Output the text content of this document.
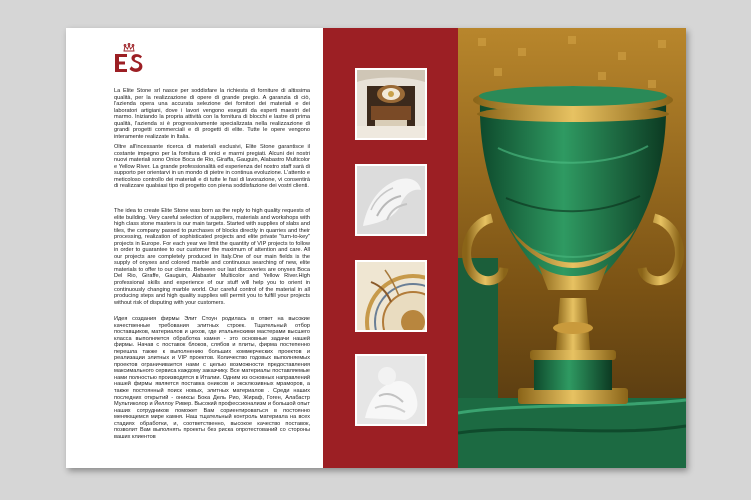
La Elite Stone srl nasce per soddisfare la richiesta di forniture di altissima qualità, per la realizzazione di opere di grande pregio. A garanzia di ciò, l'azienda opera una accurata selezione dei fornitori dei materiali e dei laboratori artigiani, dove i lavori vengono eseguiti da esperti maestri del marmo. Iniziando la propria attività con la fornitura di blocchi e lastre di prima qualità, l'azienda si è progressivamente specializzata nella realizzazione di grandi progetti commerciali e di progetti di elite. Tutte le opere vengono interamente realizzate in Italia.

Oltre all'incessante ricerca di materiali esclusivi, Elite Stone garantisce il costante impegno per la fornitura di onici e marmi pregiati. Alcuni dei nostri nuovi materiali sono Onice Boca de Rio, Giraffa, Gauguin, Alabastro Multicolor e Yellow River. La grande professionalità ed esperienza del nostro staff sarà di supporto per orientarvi in un mondo di pietre in continua evoluzione. L'attento e meticoloso controllo dei materiali e di tutte le fasi di lavorazione, vi consentirà di realizzare qualsiasi tipo di progetto con piena soddisfazione dei vostri clienti.

The idea to create Elite Stone was born as the reply to high quality requests of elite building. Very careful selection of suppliers, materials and workshops with high class stone masters is our main targets. Started with supplies of slabs and tiles, the company passed to purchases of blocks directly in quarries and their processing, realization of sophisticated projects and elite private "turn-to-key" projects in Europe. For each year we limit the quantity of VIP projects to follow in order to guarantee to our customer the maximum of attention and care. All our projects are completely produced in Italy.One of our main fields is the supply of onyxes and colored marble and continuous searching of new, elite materials to offer to our clients. Between our last discoveries are onyxes Boca Del Rio, Giraffe, Gauguin, Alabaster Multicolor and Yellow River.High professional skills and experience of our stuff will help you to orient in continuously changing marble world. Our careful control of the material in all producing steps and high quality supplies will permit you to fulfill your projects without risk of disputing with your customers.

Идея создания фирмы Элит Стоун родилась в ответ на высокие качественные требования элитных строек. Тщательный отбор поставщиков, материалов и цехов, где итальянскими мастерами высшего класса выполняется обработка камня - это основные задачи нашей фирмы. Начав с поставок блоков, слябов и плиты, фирма постепенно перешла также к выполнению больших коммерческих проектов и реализации элитных и VIP проектов. Количество годовых выполняемых проектов ограничивается нами с целью возможности предоставления максимального сервиса каждому заказчику. Все материалы поставляемые нами полностью производятся в Италии. Одним из основных направлений нашей фирмы является поставка ониксов и эксклюзивных мраморов, а также постоянный поиск новых, элитных материалов . Среди наших последних открытий - ониксы Бока Дель Рио, Жираф, Гоген, Алабастр Мультиколор и Йеллоу Ривер. Высокий профессионализм и большой опыт наших сотрудников поможет Вам сориентироваться в постоянно меняющемся мире камня. Наш тщательный контроль материала на всех стадиях обработки, и, соответственно, высокое качество поставок, позволит Вам выполнять проекты без риска опротестований со стороны ваших клиентов
